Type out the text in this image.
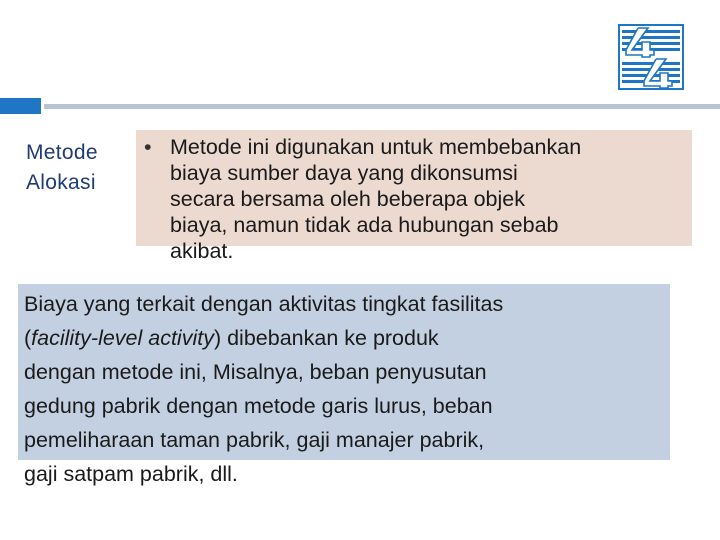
Metode
Alokasi
• Metode ini digunakan untuk membebankan
biaya sumber daya yang dikonsumsi
secara bersama oleh beberapa objek
biaya, namun tidak ada hubungan sebab
akibat.
Biaya yang terkait dengan aktivitas tingkat fasilitas
(facility-level activity) dibebankan ke produk
dengan metode ini, Misalnya, beban penyusutan
gedung pabrik dengan metode garis lurus, beban
pemeliharaan taman pabrik, gaji manajer pabrik,
gaji satpam pabrik, dll.
